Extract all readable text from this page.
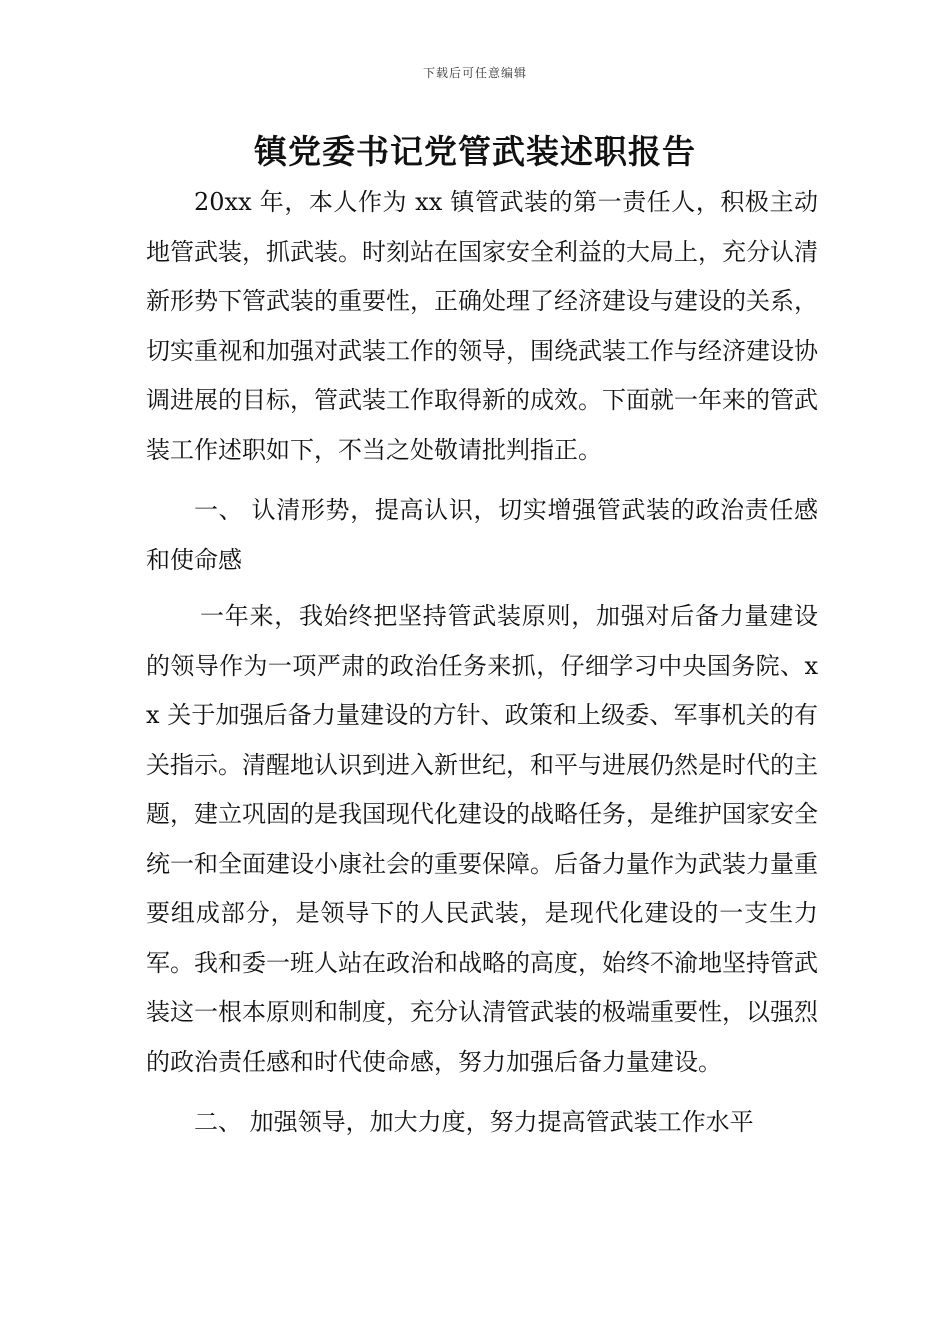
下载后可任意编辑
镇党委书记党管武装述职报告

20xx 年，本人作为 xx 镇管武装的第一责任人，积极主动地管武装，抓武装。时刻站在国家安全利益的大局上，充分认清新形势下管武装的重要性，正确处理了经济建设与建设的关系，切实重视和加强对武装工作的领导，围绕武装工作与经济建设协调进展的目标，管武装工作取得新的成效。下面就一年来的管武装工作述职如下，不当之处敬请批判指正。

一、 认清形势，提高认识，切实增强管武装的政治责任感和使命感

一年来，我始终把坚持管武装原则，加强对后备力量建设的领导作为一项严肃的政治任务来抓，仔细学习中央国务院、xx 关于加强后备力量建设的方针、政策和上级委、军事机关的有关指示。清醒地认识到进入新世纪，和平与进展仍然是时代的主题，建立巩固的是我国现代化建设的战略任务，是维护国家安全统一和全面建设小康社会的重要保障。后备力量作为武装力量重要组成部分，是领导下的人民武装，是现代化建设的一支生力军。我和委一班人站在政治和战略的高度，始终不渝地坚持管武装这一根本原则和制度，充分认清管武装的极端重要性，以强烈的政治责任感和时代使命感，努力加强后备力量建设。

二、 加强领导，加大力度，努力提高管武装工作水平
